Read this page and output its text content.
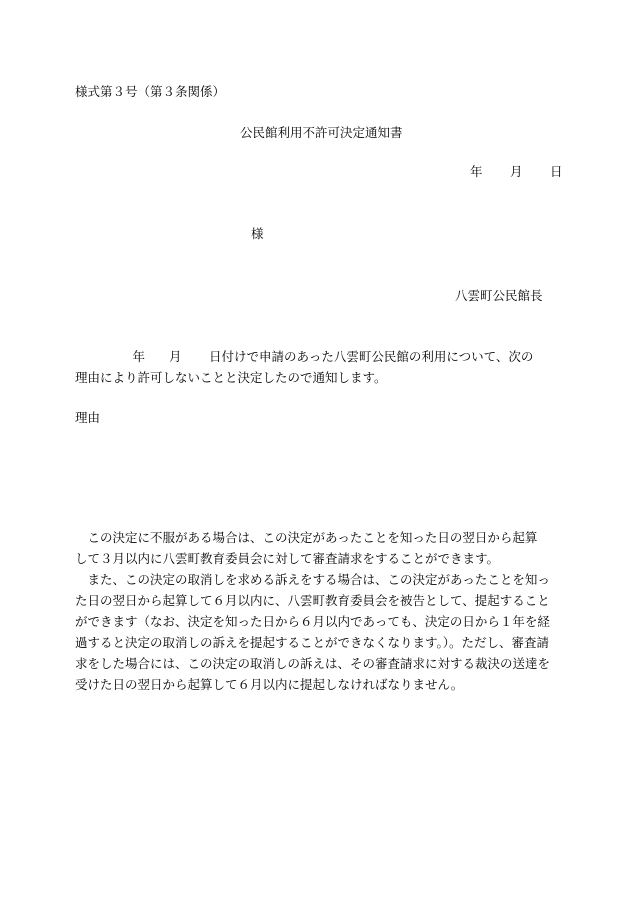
様式第３号（第３条関係）
公民館利用不許可決定通知書
年	月	日
様
八雲町公民館長
年 月 日付けで申請のあった八雲町公民館の利用について、次の
理由により許可しないことと決定したので通知します。
理由
　この決定に不服がある場合は、この決定があったことを知った日の翌日から起算
して３月以内に八雲町教育委員会に対して審査請求をすることができます。
　また、この決定の取消しを求める訴えをする場合は、この決定があったことを知っ
た日の翌日から起算して６月以内に、八雲町教育委員会を被告として、提起すること
ができます（なお、決定を知った日から６月以内であっても、決定の日から１年を経
過すると決定の取消しの訴えを提起することができなくなります。）。ただし、審査請
求をした場合には、この決定の取消しの訴えは、その審査請求に対する裁決の送達を
受けた日の翌日から起算して６月以内に提起しなければなりません。
